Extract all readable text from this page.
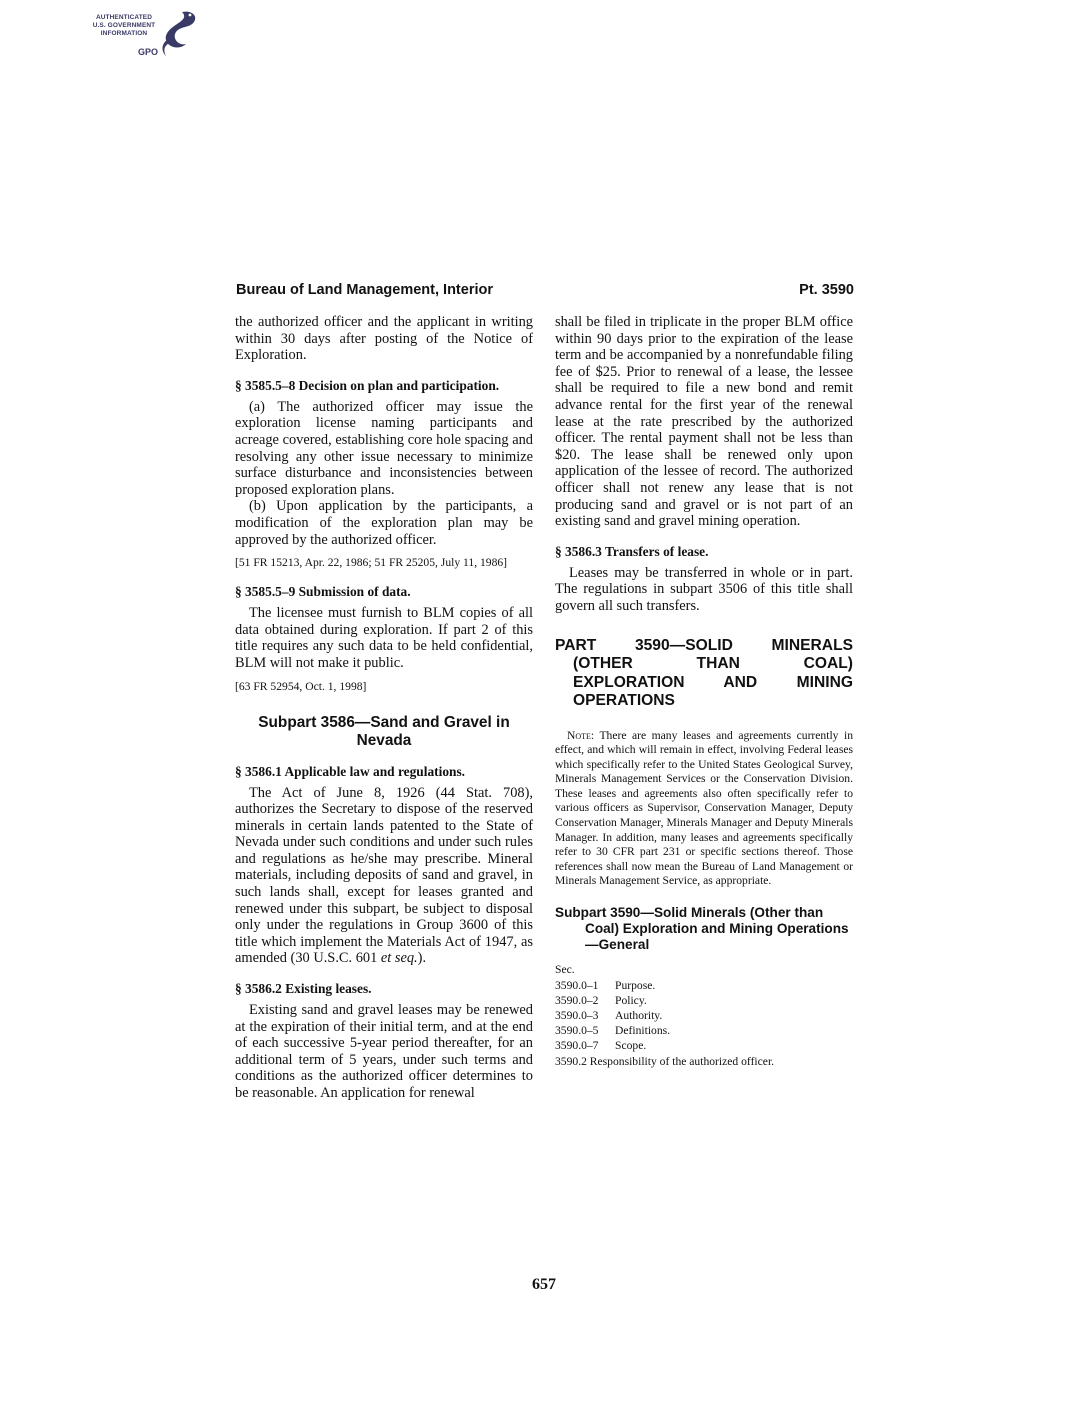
AUTHENTICATED
U.S. GOVERNMENT
INFORMATION
GPO
Bureau of Land Management, Interior	Pt. 3590

the authorized officer and the applicant in writing within 30 days after posting of the Notice of Exploration.

§ 3585.5–8 Decision on plan and participation.

(a) The authorized officer may issue the exploration license naming participants and acreage covered, establishing core hole spacing and resolving any other issue necessary to minimize surface disturbance and inconsistencies between proposed exploration plans.

(b) Upon application by the participants, a modification of the exploration plan may be approved by the authorized officer.

[51 FR 15213, Apr. 22, 1986; 51 FR 25205, July 11, 1986]

§ 3585.5–9 Submission of data.

The licensee must furnish to BLM copies of all data obtained during exploration. If part 2 of this title requires any such data to be held confidential, BLM will not make it public.

[63 FR 52954, Oct. 1, 1998]

Subpart 3586—Sand and Gravel in Nevada

§ 3586.1 Applicable law and regulations.

The Act of June 8, 1926 (44 Stat. 708), authorizes the Secretary to dispose of the reserved minerals in certain lands patented to the State of Nevada under such conditions and under such rules and regulations as he/she may prescribe. Mineral materials, including deposits of sand and gravel, in such lands shall, except for leases granted and renewed under this subpart, be subject to disposal only under the regulations in Group 3600 of this title which implement the Materials Act of 1947, as amended (30 U.S.C. 601 et seq.).

§ 3586.2 Existing leases.

Existing sand and gravel leases may be renewed at the expiration of their initial term, and at the end of each successive 5-year period thereafter, for an additional term of 5 years, under such terms and conditions as the authorized officer determines to be reasonable. An application for renewal

shall be filed in triplicate in the proper BLM office within 90 days prior to the expiration of the lease term and be accompanied by a nonrefundable filing fee of $25. Prior to renewal of a lease, the lessee shall be required to file a new bond and remit advance rental for the first year of the renewal lease at the rate prescribed by the authorized officer. The rental payment shall not be less than $20. The lease shall be renewed only upon application of the lessee of record. The authorized officer shall not renew any lease that is not producing sand and gravel or is not part of an existing sand and gravel mining operation.

§ 3586.3 Transfers of lease.

Leases may be transferred in whole or in part. The regulations in subpart 3506 of this title shall govern all such transfers.

PART 3590—SOLID MINERALS (OTHER THAN COAL) EXPLORATION AND MINING OPERATIONS

Note: There are many leases and agreements currently in effect, and which will remain in effect, involving Federal leases which specifically refer to the United States Geological Survey, Minerals Management Services or the Conservation Division. These leases and agreements also often specifically refer to various officers as Supervisor, Conservation Manager, Deputy Conservation Manager, Minerals Manager and Deputy Minerals Manager. In addition, many leases and agreements specifically refer to 30 CFR part 231 or specific sections thereof. Those references shall now mean the Bureau of Land Management or Minerals Management Service, as appropriate.

Subpart 3590—Solid Minerals (Other than Coal) Exploration and Mining Operations—General

Sec.
3590.0–1	Purpose.
3590.0–2	Policy.
3590.0–3	Authority.
3590.0–5	Definitions.
3590.0–7	Scope.
3590.2 Responsibility of the authorized officer.
657
